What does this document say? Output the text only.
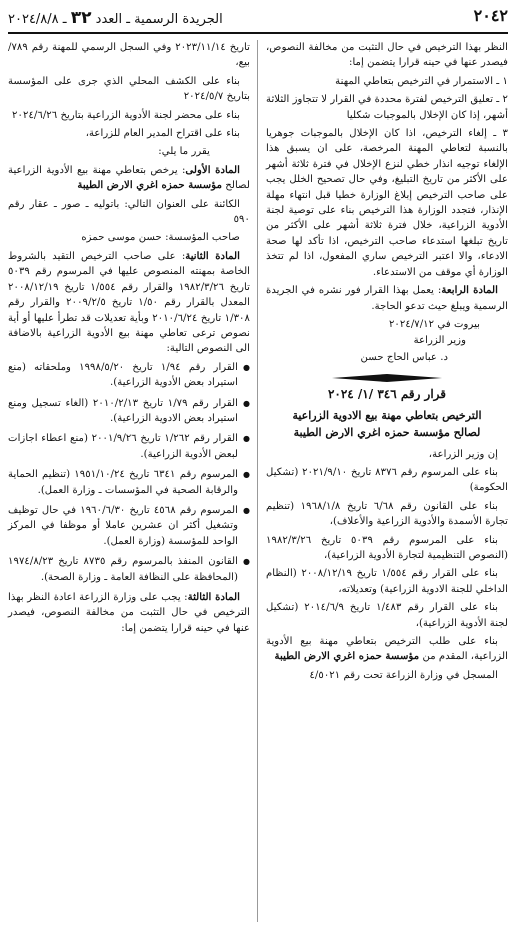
٢٠٤٢
الجريدة الرسمية ـ العدد ٣٢ ـ ٢٠٢٤/٨/٨

النظر بهذا الترخيص في حال التثبت من مخالفة النصوص، فيصدر عنها في حينه قرارا يتضمن إما:

١ ـ الاستمرار في الترخيص بتعاطي المهنة

٢ ـ تعليق الترخيص لفترة محددة في القرار لا تتجاوز الثلاثة أشهر، إذا كان الإخلال بالموجبات شكليا

٣ ـ إلغاء الترخيص، اذا كان الإخلال بالموجبات جوهريا بالنسبة لتعاطي المهنة المرخصة، على ان يسبق هذا الإلغاء توجيه انذار خطي لنزع الإخلال في فترة ثلاثة أشهر على الأكثر من تاريخ التبليغ، وفي حال تصحيح الخلل يجب على صاحب الترخيص إبلاغ الوزارة خطيا قبل انتهاء مهلة الإنذار، فتجدد الوزارة هذا الترخيص بناء على توصية لجنة الأدوية الزراعية، خلال فترة ثلاثة أشهر على الأكثر من تاريخ تبلغها استدعاء صاحب الترخيص، اذا تأكد لها صحة الادعاء، والا اعتبر الترخيص ساري المفعول، اذا لم تتخذ الوزارة أي موقف من الاستدعاء.

المادة الرابعة: يعمل بهذا القرار فور نشره في الجريدة الرسمية ويبلغ حيث تدعو الحاجة.

بيروت في ٢٠٢٤/٧/١٢

وزير الزراعة

د. عباس الحاج حسن

قرار رقم ٣٤٦ /١/ ٢٠٢٤

الترخيص بتعاطي مهنة بيع الادوية الزراعية
لصالح مؤسسة حمزه اغري الارض الطيبة

إن وزير الزراعة،

بناء على المرسوم رقم ٨٣٧٦ تاريخ ٢٠٢١/٩/١٠ (تشكيل الحكومة)

بناء على القانون رقم ٦/٦٨ تاريخ ١٩٦٨/١/٨ (تنظيم تجارة الأسمدة والأدوية الزراعية والأعلاف)،

بناء على المرسوم رقم ٥٠٣٩ تاريخ ١٩٨٢/٣/٢٦ (النصوص التنظيمية لتجارة الأدوية الزراعية)،

بناء على القرار رقم ١/٥٥٤ تاريخ ٢٠٠٨/١٢/١٩ (النظام الداخلي للجنة الادوية الزراعية) وتعديلاته،

بناء على القرار رقم ١/٤٨٣ تاريخ ٢٠١٤/٦/٩ (تشكيل لجنة الأدوية الزراعية)،

بناء على طلب الترخيص بتعاطي مهنة بيع الأدوية الزراعية، المقدم من مؤسسة حمزه اغري الارض الطيبة

المسجل في وزارة الزراعة تحت رقم ٤/٥٠٢١

تاريخ ٢٠٢٣/١١/١٤ وفي السجل الرسمي للمهنة رقم ٧٨٩/بيع،

بناء على الكشف المحلي الذي جرى على المؤسسة بتاريخ ٢٠٢٤/٥/٧

بناء على محضر لجنة الأدوية الزراعية بتاريخ ٢٠٢٤/٦/٢٦

بناء على اقتراح المدير العام للزراعة،

يقرر ما يلي:

المادة الأولى: يرخص بتعاطي مهنة بيع الأدوية الزراعية لصالح مؤسسة حمزه اغري الارض الطيبة

الكائنة على العنوان التالي: باتوليه ـ صور ـ عقار رقم ٥٩٠

صاحب المؤسسة: حسن موسى حمزه

المادة الثانية: على صاحب الترخيص التقيد بالشروط الخاصة بمهنته المنصوص عليها في المرسوم رقم ٥٠٣٩ تاريخ ١٩٨٢/٣/٢٦ والقرار رقم ١/٥٥٤ تاريخ ٢٠٠٨/١٢/١٩ المعدل بالقرار رقم ١/٥٠ تاريخ ٢٠٠٩/٢/٥ والقرار رقم ١/٣٠٨ تاريخ ٢٠١٠/٦/٢٤ وبأية تعديلات قد تطرأ عليها أو أية نصوص ترعى تعاطي مهنة بيع الأدوية الزراعية بالاضافة الى النصوص التالية:

● القرار رقم ١/٩٤ تاريخ ١٩٩٨/٥/٢٠ وملحقاته (منع استيراد بعض الأدوية الزراعية).

● القرار رقم ١/٧٩ تاريخ ٢٠١٠/٢/١٣ (الغاء تسجيل ومنع استيراد بعض الادوية الزراعية).

● القرار رقم ١/٢٦٢ تاريخ ٢٠٠١/٩/٢٦ (منع اعطاء اجازات لبعض الأدوية الزراعية).

● المرسوم رقم ٦٣٤١ تاريخ ١٩٥١/١٠/٢٤ (تنظيم الحماية والرقابة الصحية في المؤسسات ـ وزارة العمل).

● المرسوم رقم ٤٥٦٨ تاريخ ١٩٦٠/٦/٣٠ في حال توظيف وتشغيل أكثر ان عشرين عاملا أو موظفا في المركز الواحد للمؤسسة (وزارة العمل).

● القانون المنفذ بالمرسوم رقم ٨٧٣٥ تاريخ ١٩٧٤/٨/٢٣ (المحافظة على النظافة العامة ـ وزارة الصحة).

المادة الثالثة: يجب على وزارة الزراعة اعادة النظر بهذا الترخيص في حال التثبت من مخالفة النصوص، فيصدر عنها في حينه قرارا يتضمن إما:
